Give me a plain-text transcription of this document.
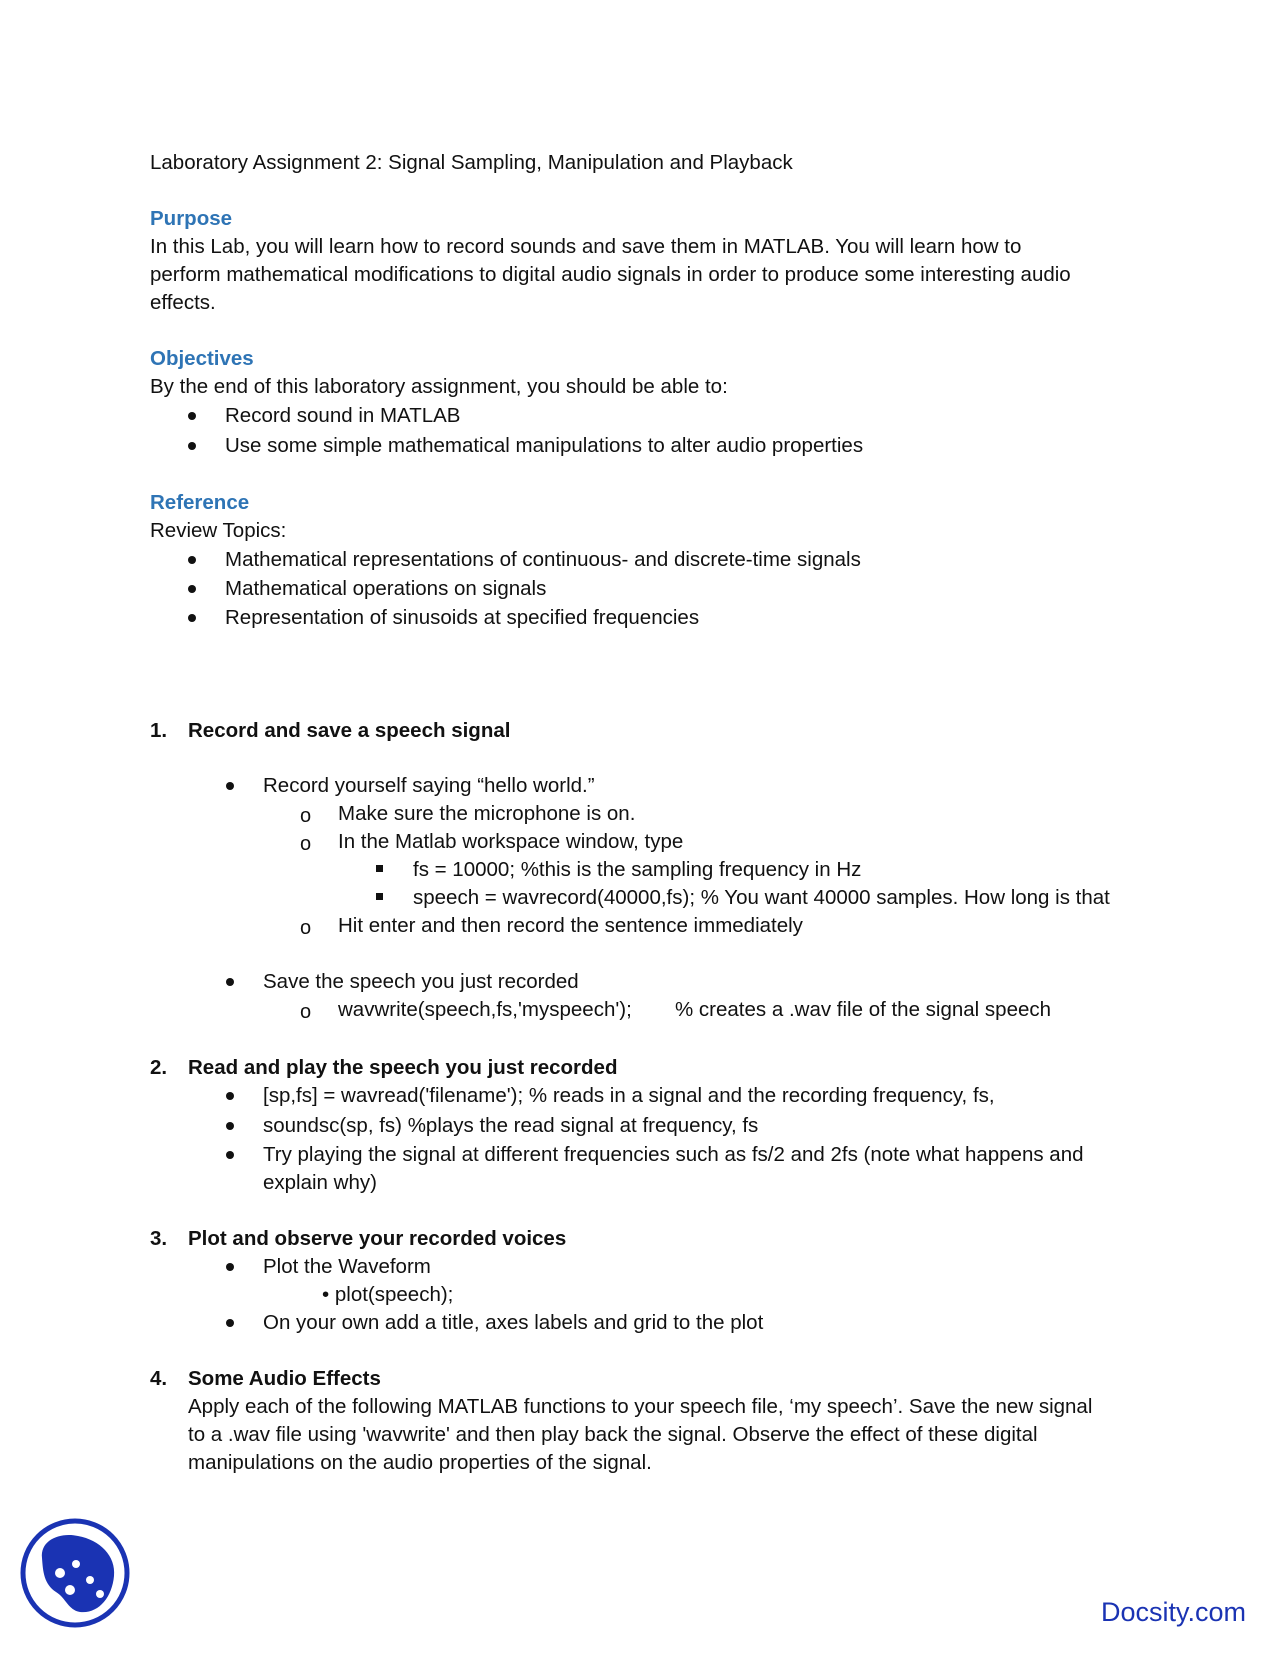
Laboratory Assignment 2: Signal Sampling, Manipulation and Playback
Purpose
In this Lab, you will learn how to record sounds and save them in MATLAB. You will learn how to
perform mathematical modifications to digital audio signals in order to produce some interesting audio
effects.
Objectives
By the end of this laboratory assignment, you should be able to:
Record sound in MATLAB
Use some simple mathematical manipulations to alter audio properties
Reference
Review Topics:
Mathematical representations of continuous- and discrete-time signals
Mathematical operations on signals
Representation of sinusoids at specified frequencies
1. Record and save a speech signal
Record yourself saying “hello world.”
o Make sure the microphone is on.
o In the Matlab workspace window, type
fs = 10000; %this is the sampling frequency in Hz
speech = wavrecord(40000,fs); % You want 40000 samples. How long is that
o Hit enter and then record the sentence immediately
Save the speech you just recorded
o wavwrite(speech,fs,'myspeech'); % creates a .wav file of the signal speech
2. Read and play the speech you just recorded
[sp,fs] = wavread('filename'); % reads in a signal and the recording frequency, fs,
soundsc(sp, fs) %plays the read signal at frequency, fs
Try playing the signal at different frequencies such as fs/2 and 2fs (note what happens and
explain why)
3. Plot and observe your recorded voices
Plot the Waveform
• plot(speech);
On your own add a title, axes labels and grid to the plot
4. Some Audio Effects
Apply each of the following MATLAB functions to your speech file, ‘my speech’. Save the new signal
to a .wav file using 'wavwrite' and then play back the signal. Observe the effect of these digital
manipulations on the audio properties of the signal.
Docsity.com
